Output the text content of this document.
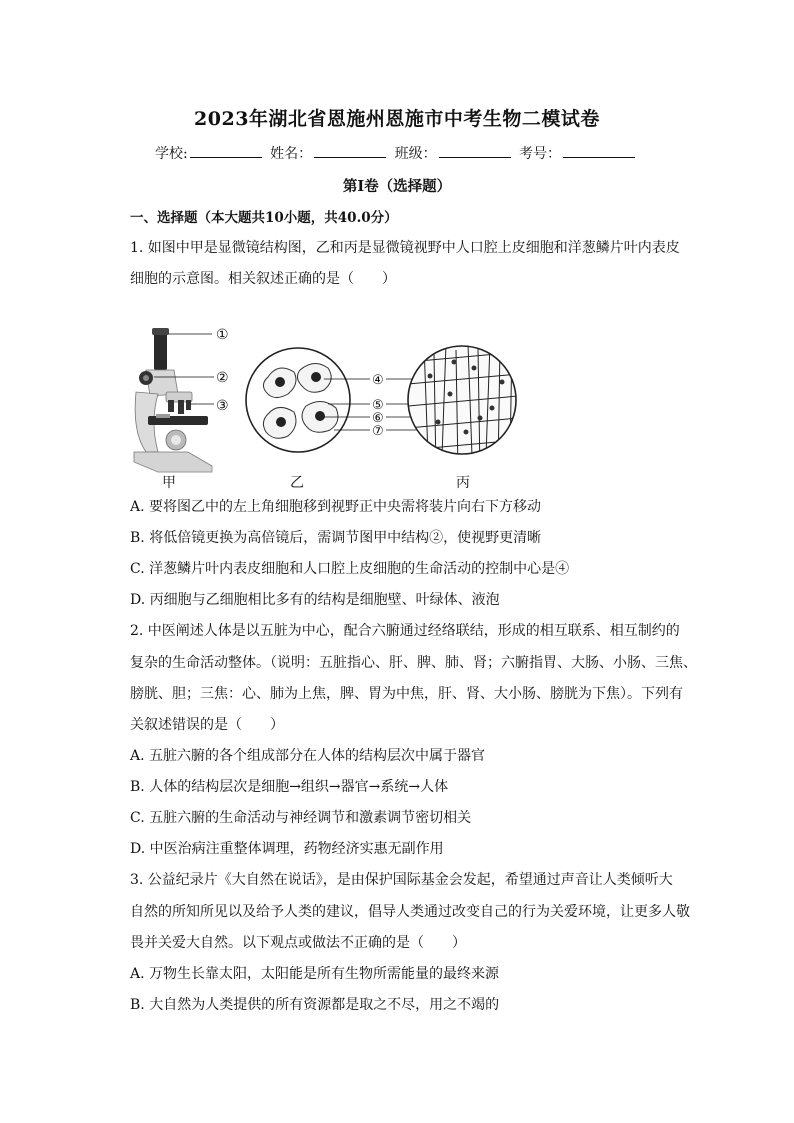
2023年湖北省恩施州恩施市中考生物二模试卷
学校:	姓名：	班级：	考号：
第I卷（选择题）
一、选择题（本大题共10小题，共40.0分）
1. 如图中甲是显微镜结构图，乙和丙是显微镜视野中人口腔上皮细胞和洋葱鳞片叶内表皮
细胞的示意图。相关叙述正确的是（　　）
①
②
③
④
⑤
⑥
⑦
甲	乙	丙
A. 要将图乙中的左上角细胞移到视野正中央需将装片向右下方移动
B. 将低倍镜更换为高倍镜后，需调节图甲中结构②，使视野更清晰
C. 洋葱鳞片叶内表皮细胞和人口腔上皮细胞的生命活动的控制中心是④
D. 丙细胞与乙细胞相比多有的结构是细胞壁、叶绿体、液泡
2. 中医阐述人体是以五脏为中心，配合六腑通过经络联结，形成的相互联系、相互制约的
复杂的生命活动整体。（说明：五脏指心、肝、脾、肺、肾；六腑指胃、大肠、小肠、三焦、
膀胱、胆；三焦：心、肺为上焦，脾、胃为中焦，肝、肾、大小肠、膀胱为下焦）。下列有
关叙述错误的是（　　）
A. 五脏六腑的各个组成部分在人体的结构层次中属于器官
B. 人体的结构层次是细胞→组织→器官→系统→人体
C. 五脏六腑的生命活动与神经调节和激素调节密切相关
D. 中医治病注重整体调理，药物经济实惠无副作用
3. 公益纪录片《大自然在说话》，是由保护国际基金会发起，希望通过声音让人类倾听大
自然的所知所见以及给予人类的建议，倡导人类通过改变自己的行为关爱环境，让更多人敬
畏并关爱大自然。以下观点或做法不正确的是（　　）
A. 万物生长靠太阳，太阳能是所有生物所需能量的最终来源
B. 大自然为人类提供的所有资源都是取之不尽，用之不竭的
